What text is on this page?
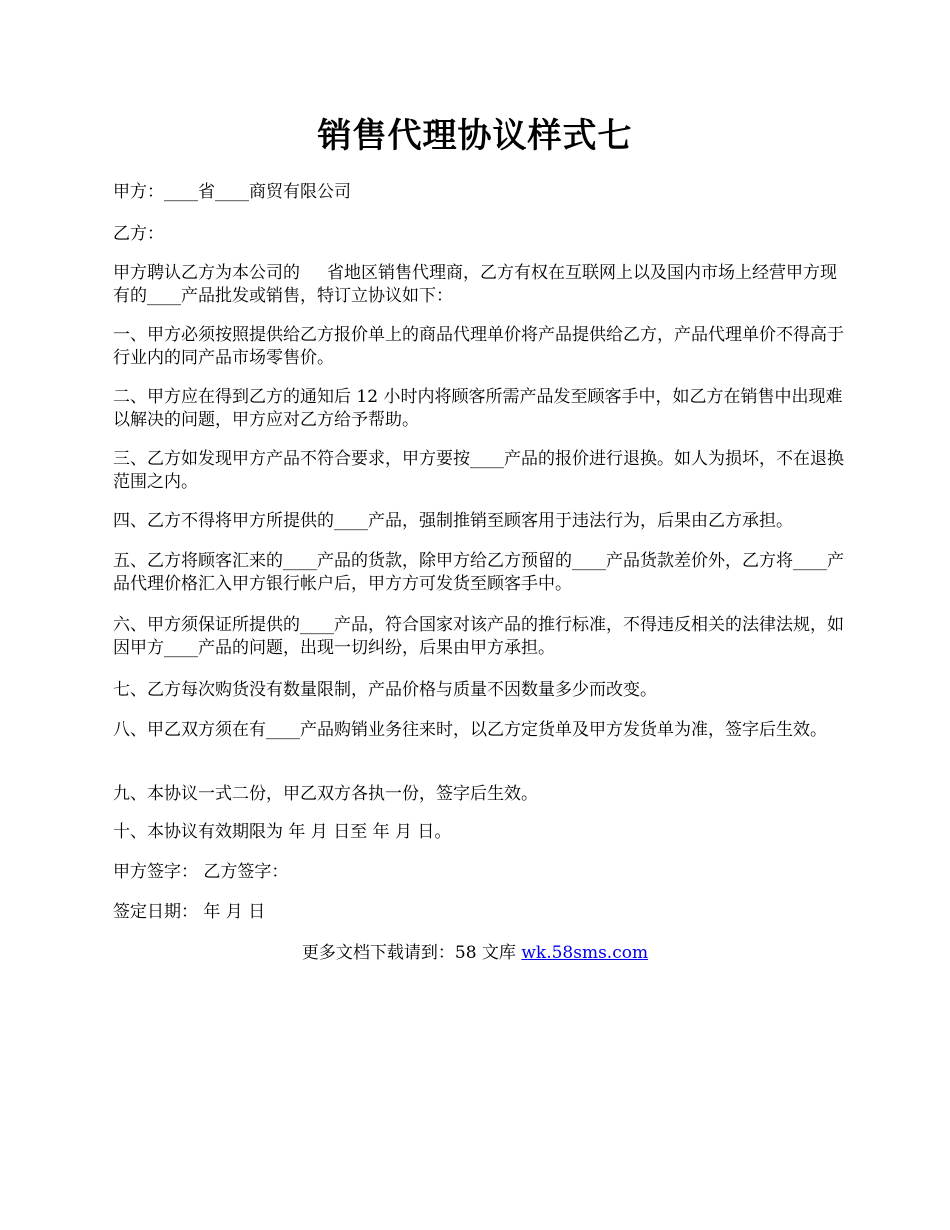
销售代理协议样式七
甲方：____省____商贸有限公司
乙方：
甲方聘认乙方为本公司的     省地区销售代理商，乙方有权在互联网上以及国内市场上经营甲方现有的____产品批发或销售，特订立协议如下：
一、甲方必须按照提供给乙方报价单上的商品代理单价将产品提供给乙方，产品代理单价不得高于行业内的同产品市场零售价。
二、甲方应在得到乙方的通知后 12 小时内将顾客所需产品发至顾客手中，如乙方在销售中出现难以解决的问题，甲方应对乙方给予帮助。
三、乙方如发现甲方产品不符合要求，甲方要按____产品的报价进行退换。如人为损坏，不在退换范围之内。
四、乙方不得将甲方所提供的____产品，强制推销至顾客用于违法行为，后果由乙方承担。
五、乙方将顾客汇来的____产品的货款，除甲方给乙方预留的____产品货款差价外，乙方将____产品代理价格汇入甲方银行帐户后，甲方方可发货至顾客手中。
六、甲方须保证所提供的____产品，符合国家对该产品的推行标准，不得违反相关的法律法规，如因甲方____产品的问题，出现一切纠纷，后果由甲方承担。
七、乙方每次购货没有数量限制，产品价格与质量不因数量多少而改变。
八、甲乙双方须在有____产品购销业务往来时，以乙方定货单及甲方发货单为准，签字后生效。
九、本协议一式二份，甲乙双方各执一份，签字后生效。
十、本协议有效期限为 年 月 日至 年 月 日。
甲方签字： 乙方签字：
签定日期： 年 月 日
更多文档下载请到：58 文库 wk.58sms.com
